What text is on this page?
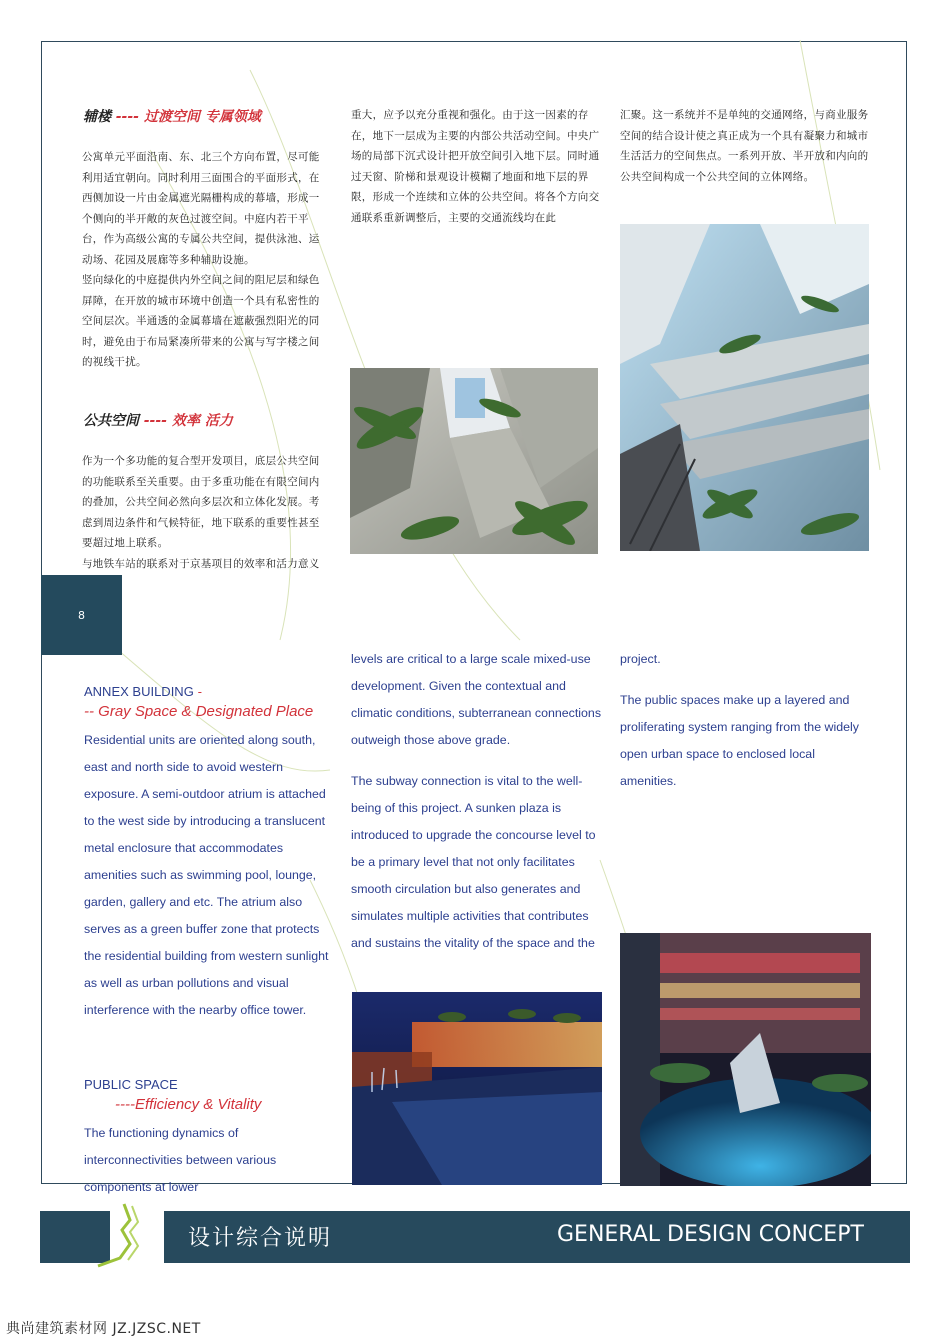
辅楼 ---- 过渡空间 专属领域

公寓单元平面沿南、东、北三个方向布置，尽可能利用适宜朝向。同时利用三面围合的平面形式，在西侧加设一片由金属遮光隔栅构成的幕墙，形成一个侧向的半开敞的灰色过渡空间。中庭内若干平台，作为高级公寓的专属公共空间，提供泳池、运动场、花园及展廊等多种辅助设施。

竖向绿化的中庭提供内外空间之间的阻尼层和绿色屏障，在开放的城市环境中创造一个具有私密性的空间层次。半通透的金属幕墙在遮蔽强烈阳光的同时，避免由于布局紧凑所带来的公寓与写字楼之间的视线干扰。

公共空间 ---- 效率 活力

作为一个多功能的复合型开发项目，底层公共空间的功能联系至关重要。由于多重功能在有限空间内的叠加，公共空间必然向多层次和立体化发展。考虑到周边条件和气候特征，地下联系的重要性甚至要超过地上联系。

与地铁车站的联系对于京基项目的效率和活力意义

重大，应予以充分重视和强化。由于这一因素的存在，地下一层成为主要的内部公共活动空间。中央广场的局部下沉式设计把开放空间引入地下层。同时通过天窗、阶梯和景观设计模糊了地面和地下层的界限，形成一个连续和立体的公共空间。将各个方向交通联系重新调整后，主要的交通流线均在此

汇聚。这一系统并不是单纯的交通网络，与商业服务空间的结合设计使之真正成为一个具有凝聚力和城市生活活力的空间焦点。一系列开放、半开放和内向的公共空间构成一个公共空间的立体网络。

8
ANNEX BUILDING -
-- Gray Space & Designated Place

Residential units are oriented along south, east and north side to avoid western exposure. A semi-outdoor atrium is attached to the west side by introducing a translucent metal enclosure that accommodates amenities such as swimming pool, lounge, garden, gallery and etc. The atrium also serves as a green buffer zone that protects the residential building from western sunlight as well as urban pollutions and visual interference with the nearby office tower.

PUBLIC SPACE
----Efficiency & Vitality

The functioning dynamics of interconnectivities between various components at lower

levels are critical to a large scale mixed-use development. Given the contextual and climatic conditions, subterranean connections outweigh those above grade.

The subway connection is vital to the well-being of this project. A sunken plaza is introduced to upgrade the concourse level to be a primary level that not only facilitates smooth circulation but also generates and simulates multiple activities that contributes and sustains the vitality of the space and the

project.

The public spaces make up a layered and proliferating system ranging from the widely open urban space to enclosed local amenities.

设计综合说明	GENERAL DESIGN CONCEPT
典尚建筑素材网 JZ.JZSC.NET
